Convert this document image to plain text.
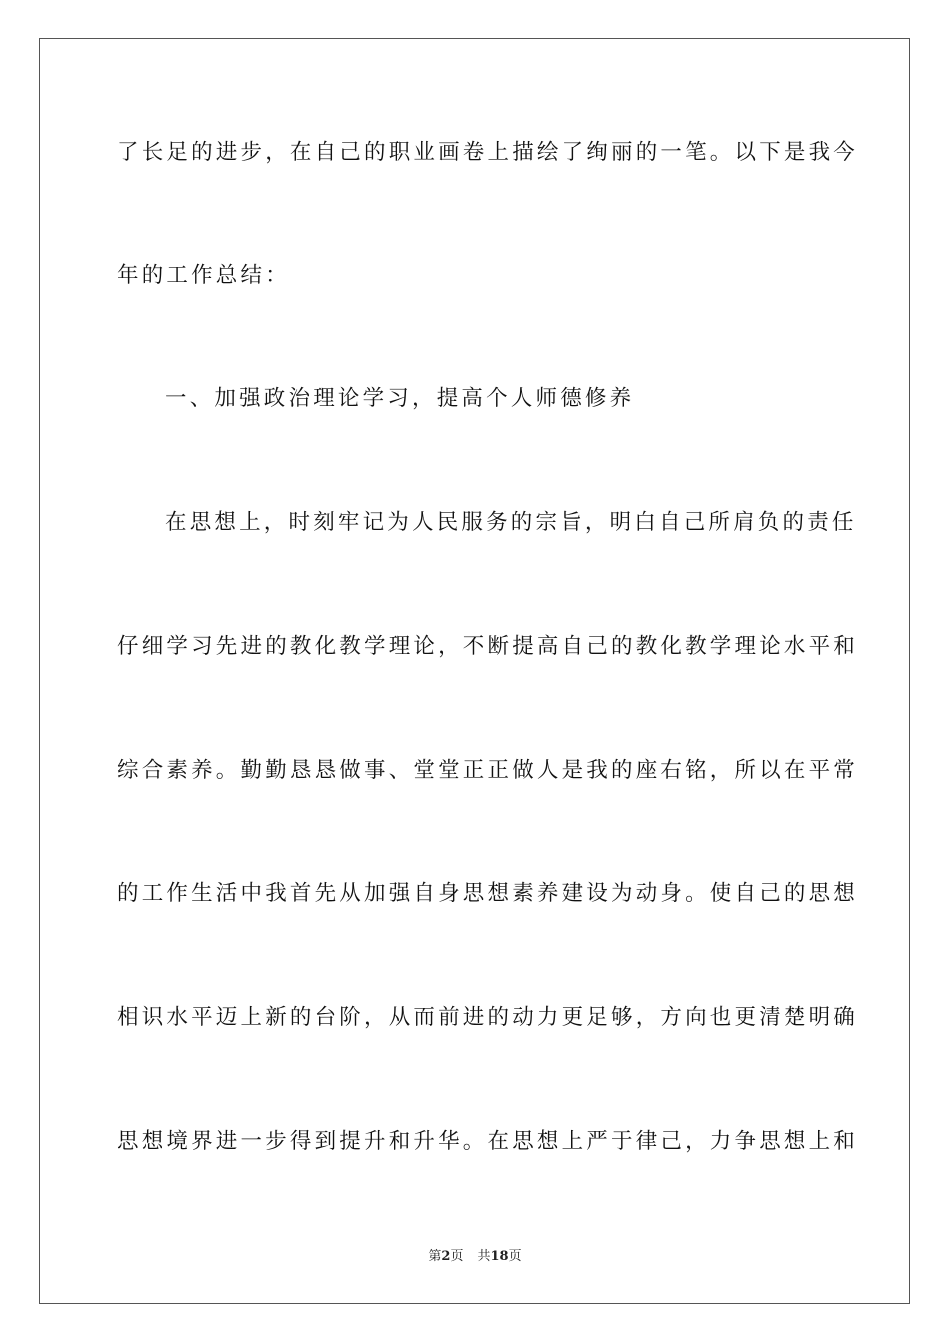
了长足的进步，在自己的职业画卷上描绘了绚丽的一笔。以下是我今
年的工作总结：
一、加强政治理论学习，提高个人师德修养
在思想上，时刻牢记为人民服务的宗旨，明白自己所肩负的责任
仔细学习先进的教化教学理论，不断提高自己的教化教学理论水平和
综合素养。勤勤恳恳做事、堂堂正正做人是我的座右铭，所以在平常
的工作生活中我首先从加强自身思想素养建设为动身。使自己的思想
相识水平迈上新的台阶，从而前进的动力更足够，方向也更清楚明确
思想境界进一步得到提升和升华。在思想上严于律己，力争思想上和
第2页 共18页
